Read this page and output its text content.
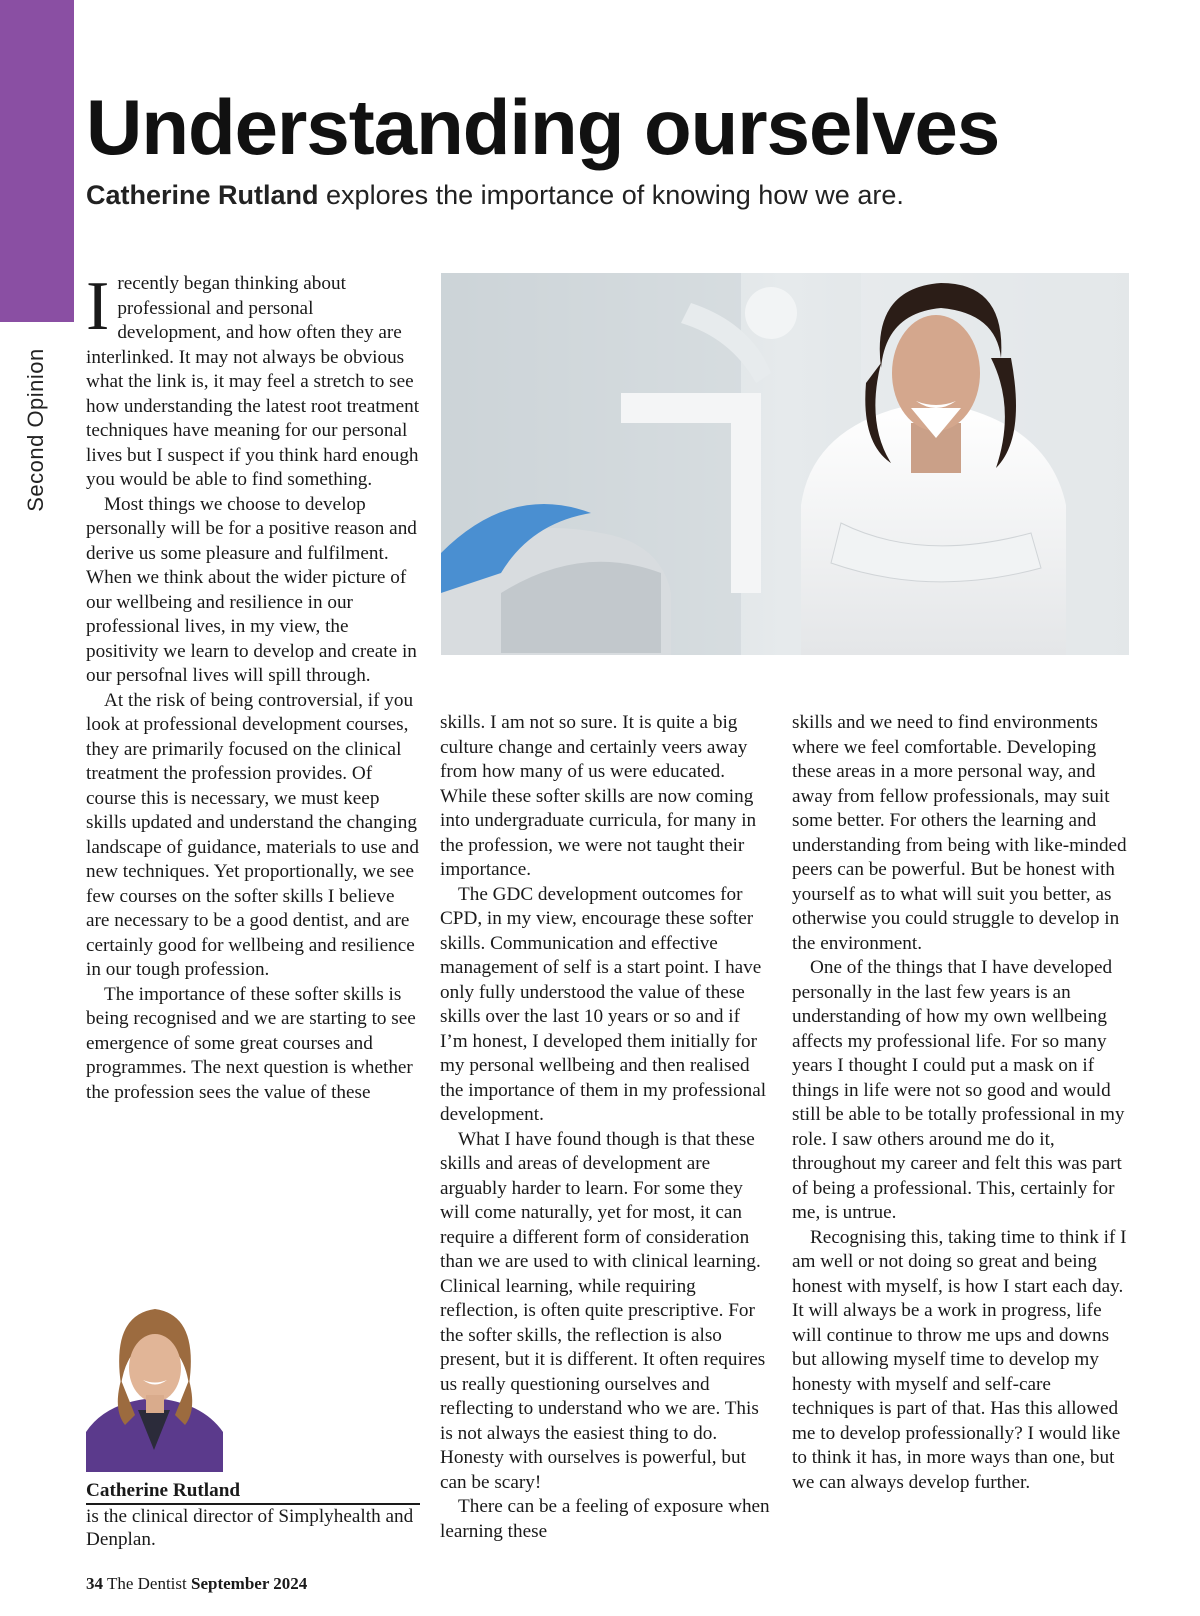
Second Opinion
Understanding ourselves

Catherine Rutland explores the importance of knowing how we are.

Irecently began thinking about professional and personal development, and how often they are interlinked. It may not always be obvious what the link is, it may feel a stretch to see how understanding the latest root treatment techniques have meaning for our personal lives but I suspect if you think hard enough you would be able to find something.

Most things we choose to develop personally will be for a positive reason and derive us some pleasure and fulfilment. When we think about the wider picture of our wellbeing and resilience in our professional lives, in my view, the positivity we learn to develop and create in our persofnal lives will spill through.

At the risk of being controversial, if you look at professional development courses, they are primarily focused on the clinical treatment the profession provides. Of course this is necessary, we must keep skills updated and understand the changing landscape of guidance, materials to use and new techniques. Yet proportionally, we see few courses on the softer skills I believe are necessary to be a good dentist, and are certainly good for wellbeing and resilience in our tough profession.

The importance of these softer skills is being recognised and we are starting to see emergence of some great courses and programmes. The next question is whether the profession sees the value of these

skills. I am not so sure. It is quite a big culture change and certainly veers away from how many of us were educated. While these softer skills are now coming into undergraduate curricula, for many in the profession, we were not taught their importance.

The GDC development outcomes for CPD, in my view, encourage these softer skills. Communication and effective management of self is a start point. I have only fully understood the value of these skills over the last 10 years or so and if I’m honest, I developed them initially for my personal wellbeing and then realised the importance of them in my professional development.

What I have found though is that these skills and areas of development are arguably harder to learn. For some they will come naturally, yet for most, it can require a different form of consideration than we are used to with clinical learning. Clinical learning, while requiring reflection, is often quite prescriptive. For the softer skills, the reflection is also present, but it is different. It often requires us really questioning ourselves and reflecting to understand who we are. This is not always the easiest thing to do. Honesty with ourselves is powerful, but can be scary!

There can be a feeling of exposure when learning these

skills and we need to find environments where we feel comfortable. Developing these areas in a more personal way, and away from fellow professionals, may suit some better. For others the learning and understanding from being with like-minded peers can be powerful. But be honest with yourself as to what will suit you better, as otherwise you could struggle to develop in the environment.

One of the things that I have developed personally in the last few years is an understanding of how my own wellbeing affects my professional life. For so many years I thought I could put a mask on if things in life were not so good and would still be able to be totally professional in my role. I saw others around me do it, throughout my career and felt this was part of being a professional. This, certainly for me, is untrue.

Recognising this, taking time to think if I am well or not doing so great and being honest with myself, is how I start each day. It will always be a work in progress, life will continue to throw me ups and downs but allowing myself time to develop my honesty with myself and self-care techniques is part of that. Has this allowed me to develop professionally? I would like to think it has, in more ways than one, but we can always develop further.

Catherine Rutland
is the clinical director of Simplyhealth and Denplan.
34 The Dentist September 2024
